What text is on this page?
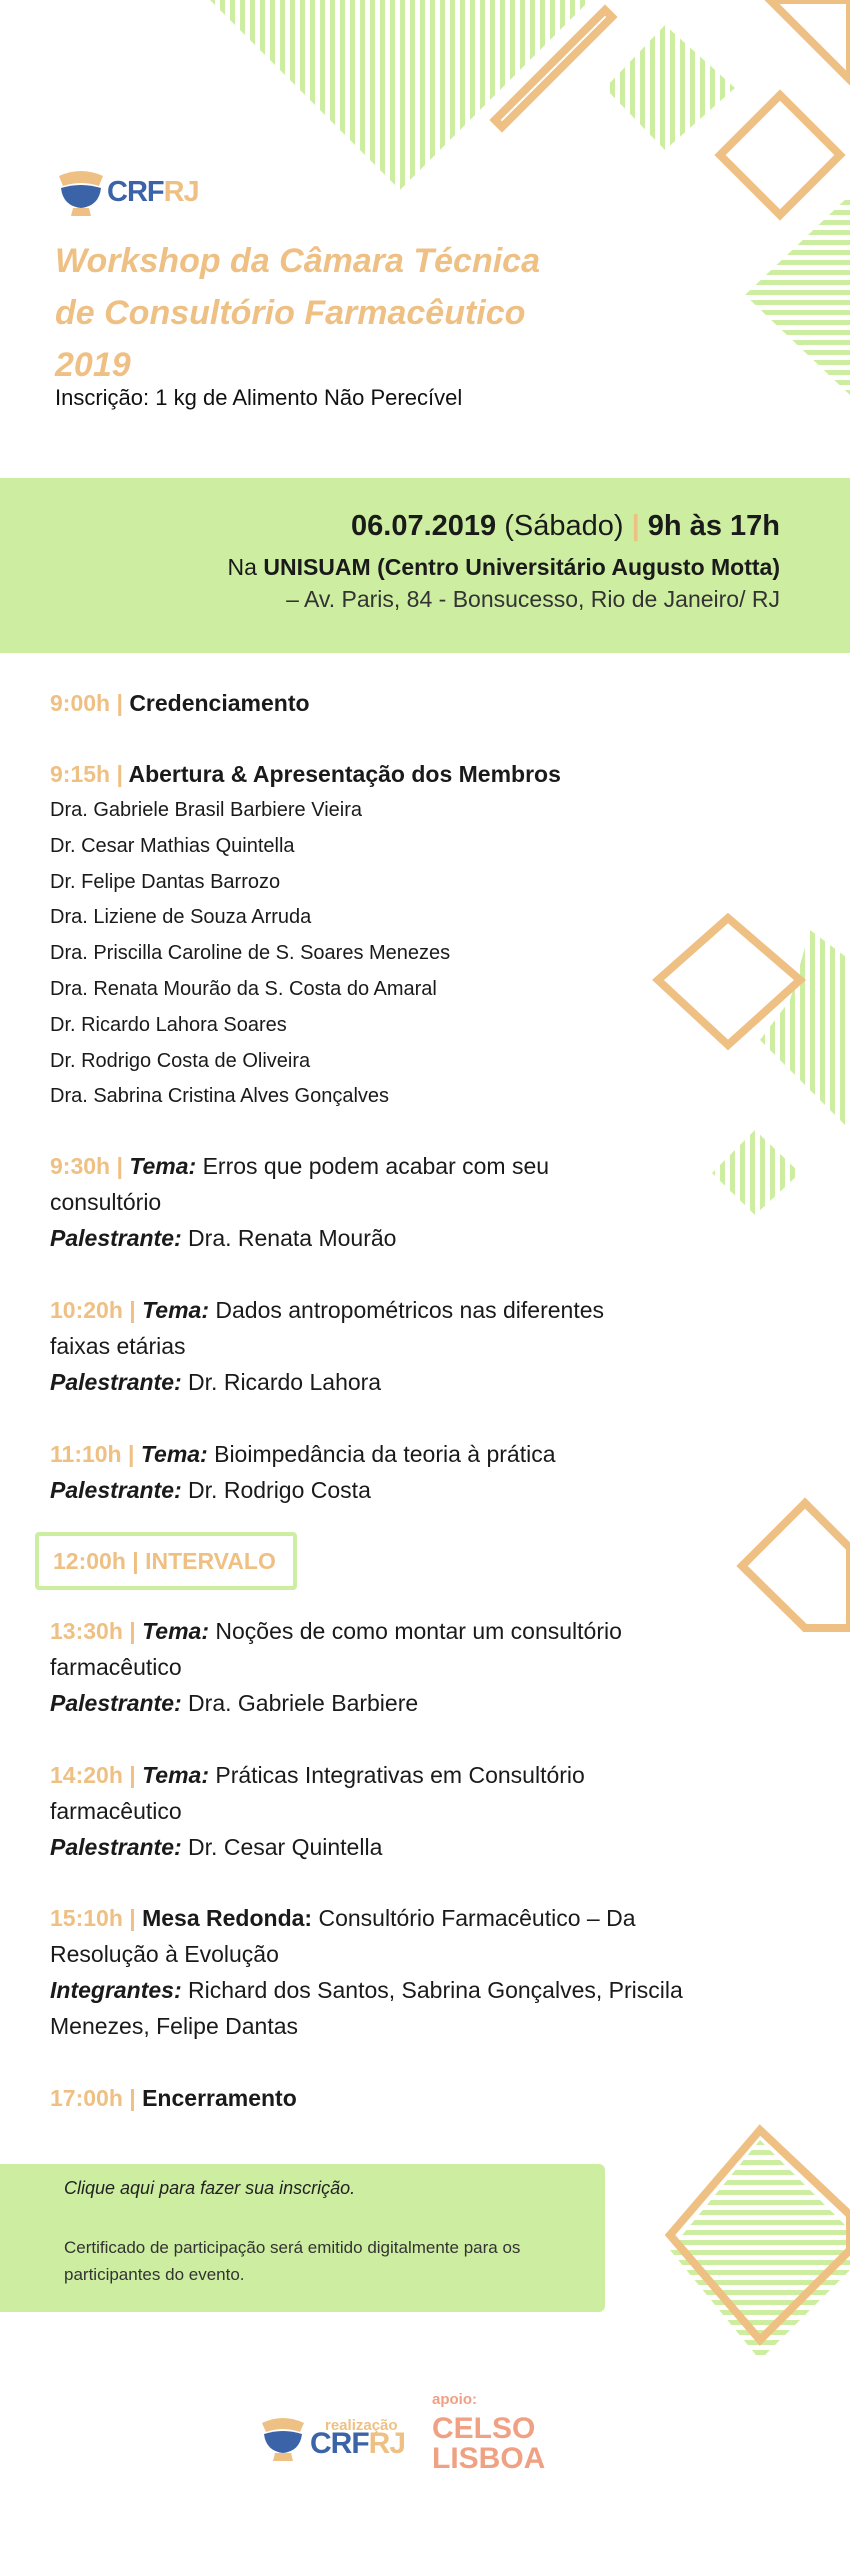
CRFRJ
Workshop da Câmara Técnica
de Consultório Farmacêutico
2019
Inscrição: 1 kg de Alimento Não Perecível
06.07.2019 (Sábado) | 9h às 17h
Na UNISUAM (Centro Universitário Augusto Motta)
– Av. Paris, 84 - Bonsucesso, Rio de Janeiro/ RJ
9:00h | Credenciamento
9:15h | Abertura & Apresentação dos Membros
Dra. Gabriele Brasil Barbiere Vieira
Dr. Cesar Mathias Quintella
Dr. Felipe Dantas Barrozo
Dra. Liziene de Souza Arruda
Dra. Priscilla Caroline de S. Soares Menezes
Dra. Renata Mourão da S. Costa do Amaral
Dr. Ricardo Lahora Soares
Dr. Rodrigo Costa de Oliveira
Dra. Sabrina Cristina Alves Gonçalves
9:30h | Tema: Erros que podem acabar com seu
consultório
Palestrante: Dra. Renata Mourão
10:20h | Tema: Dados antropométricos nas diferentes
faixas etárias
Palestrante: Dr. Ricardo Lahora
11:10h | Tema: Bioimpedância da teoria à prática
Palestrante: Dr. Rodrigo Costa
12:00h | INTERVALO
13:30h | Tema: Noções de como montar um consultório
farmacêutico
Palestrante: Dra. Gabriele Barbiere
14:20h | Tema: Práticas Integrativas em Consultório
farmacêutico
Palestrante: Dr. Cesar Quintella
15:10h | Mesa Redonda: Consultório Farmacêutico – Da
Resolução à Evolução
Integrantes: Richard dos Santos, Sabrina Gonçalves, Priscila
Menezes, Felipe Dantas
17:00h | Encerramento
Clique aqui para fazer sua inscrição.
Certificado de participação será emitido digitalmente para os participantes do evento.
realização
CRFRJ
apoio:
CELSO
LISBOA
